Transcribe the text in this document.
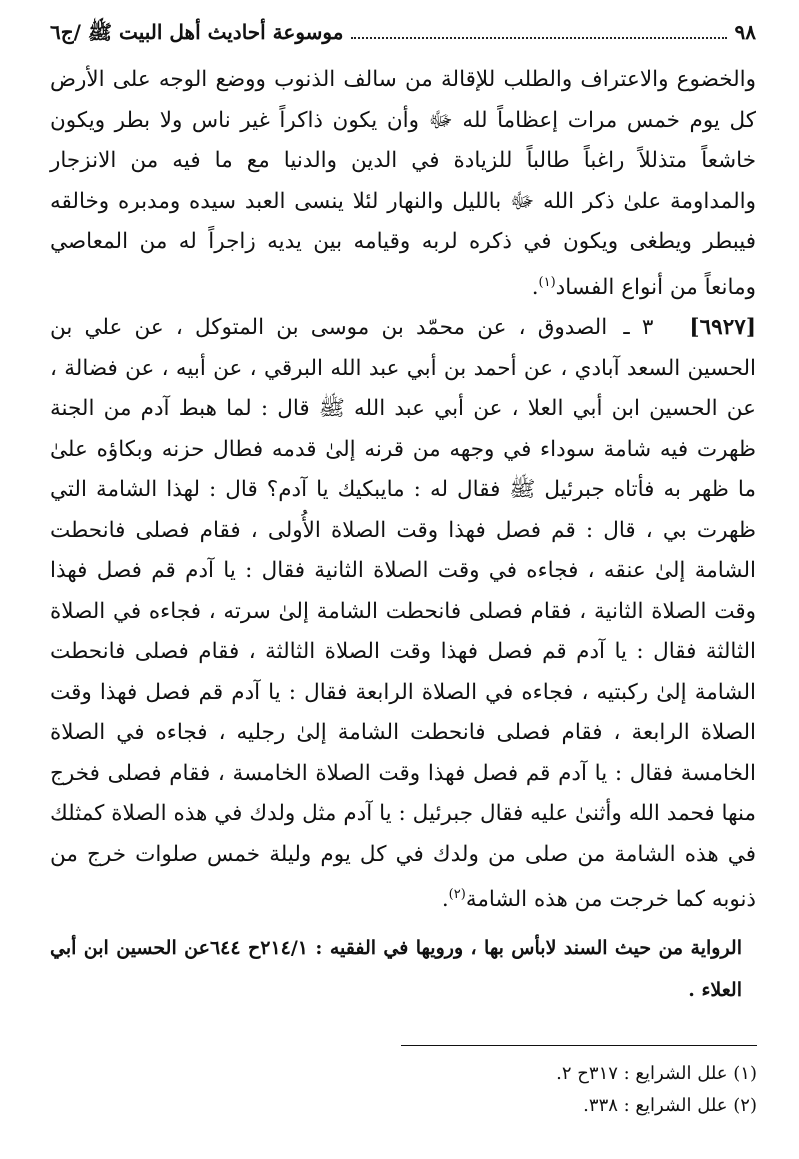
٩٨
موسوعة أحاديث أهل البيت ﷺ /ج٦

والخضوع والاعتراف والطلب للإقالة من سالف الذنوب ووضع الوجه على الأرض كل يوم خمس مرات إعظاماً لله ﷻ وأن يكون ذاكراً غير ناس ولا بطر ويكون خاشعاً متذللاً راغباً طالباً للزيادة في الدين والدنيا مع ما فيه من الانزجار والمداومة علىٰ ذكر الله ﷻ بالليل والنهار لئلا ينسى العبد سيده ومدبره وخالقه فيبطر ويطغى ويكون في ذكره لربه وقيامه بين يديه زاجراً له من المعاصي ومانعاً من أنواع الفساد$^{(١)}$.

[٦٩٢٧]٣ ـ الصدوق ، عن محمّد بن موسى بن المتوكل ، عن علي بن الحسين السعد آبادي ، عن أحمد بن أبي عبد الله البرقي ، عن أبيه ، عن فضالة ، عن الحسين ابن أبي العلا ، عن أبي عبد الله ﷺ قال : لما هبط آدم من الجنة ظهرت فيه شامة سوداء في وجهه من قرنه إلىٰ قدمه فطال حزنه وبكاؤه علىٰ ما ظهر به فأتاه جبرئيل ﷺ فقال له : مايبكيك يا آدم؟ قال : لهذا الشامة التي ظهرت بي ، قال : قم فصل فهذا وقت الصلاة الأُولى ، فقام فصلى فانحطت الشامة إلىٰ عنقه ، فجاءه في وقت الصلاة الثانية فقال : يا آدم قم فصل فهذا وقت الصلاة الثانية ، فقام فصلى فانحطت الشامة إلىٰ سرته ، فجاءه في الصلاة الثالثة فقال : يا آدم قم فصل فهذا وقت الصلاة الثالثة ، فقام فصلى فانحطت الشامة إلىٰ ركبتيه ، فجاءه في الصلاة الرابعة فقال : يا آدم قم فصل فهذا وقت الصلاة الرابعة ، فقام فصلى فانحطت الشامة إلىٰ رجليه ، فجاءه في الصلاة الخامسة فقال : يا آدم قم فصل فهذا وقت الصلاة الخامسة ، فقام فصلى فخرج منها فحمد الله وأثنىٰ عليه فقال جبرئيل : يا آدم مثل ولدك في هذه الصلاة كمثلك في هذه الشامة من صلى من ولدك في كل يوم وليلة خمس صلوات خرج من ذنوبه كما خرجت من هذه الشامة$^{(٢)}$.

الرواية من حيث السند لابأس بها ، ورويها في الفقيه : ٢١٤/١ح ٦٤٤عن الحسين ابن أبي العلاء .

(١) علل الشرايع : ٣١٧ح ٢.
(٢) علل الشرايع : ٣٣٨.
